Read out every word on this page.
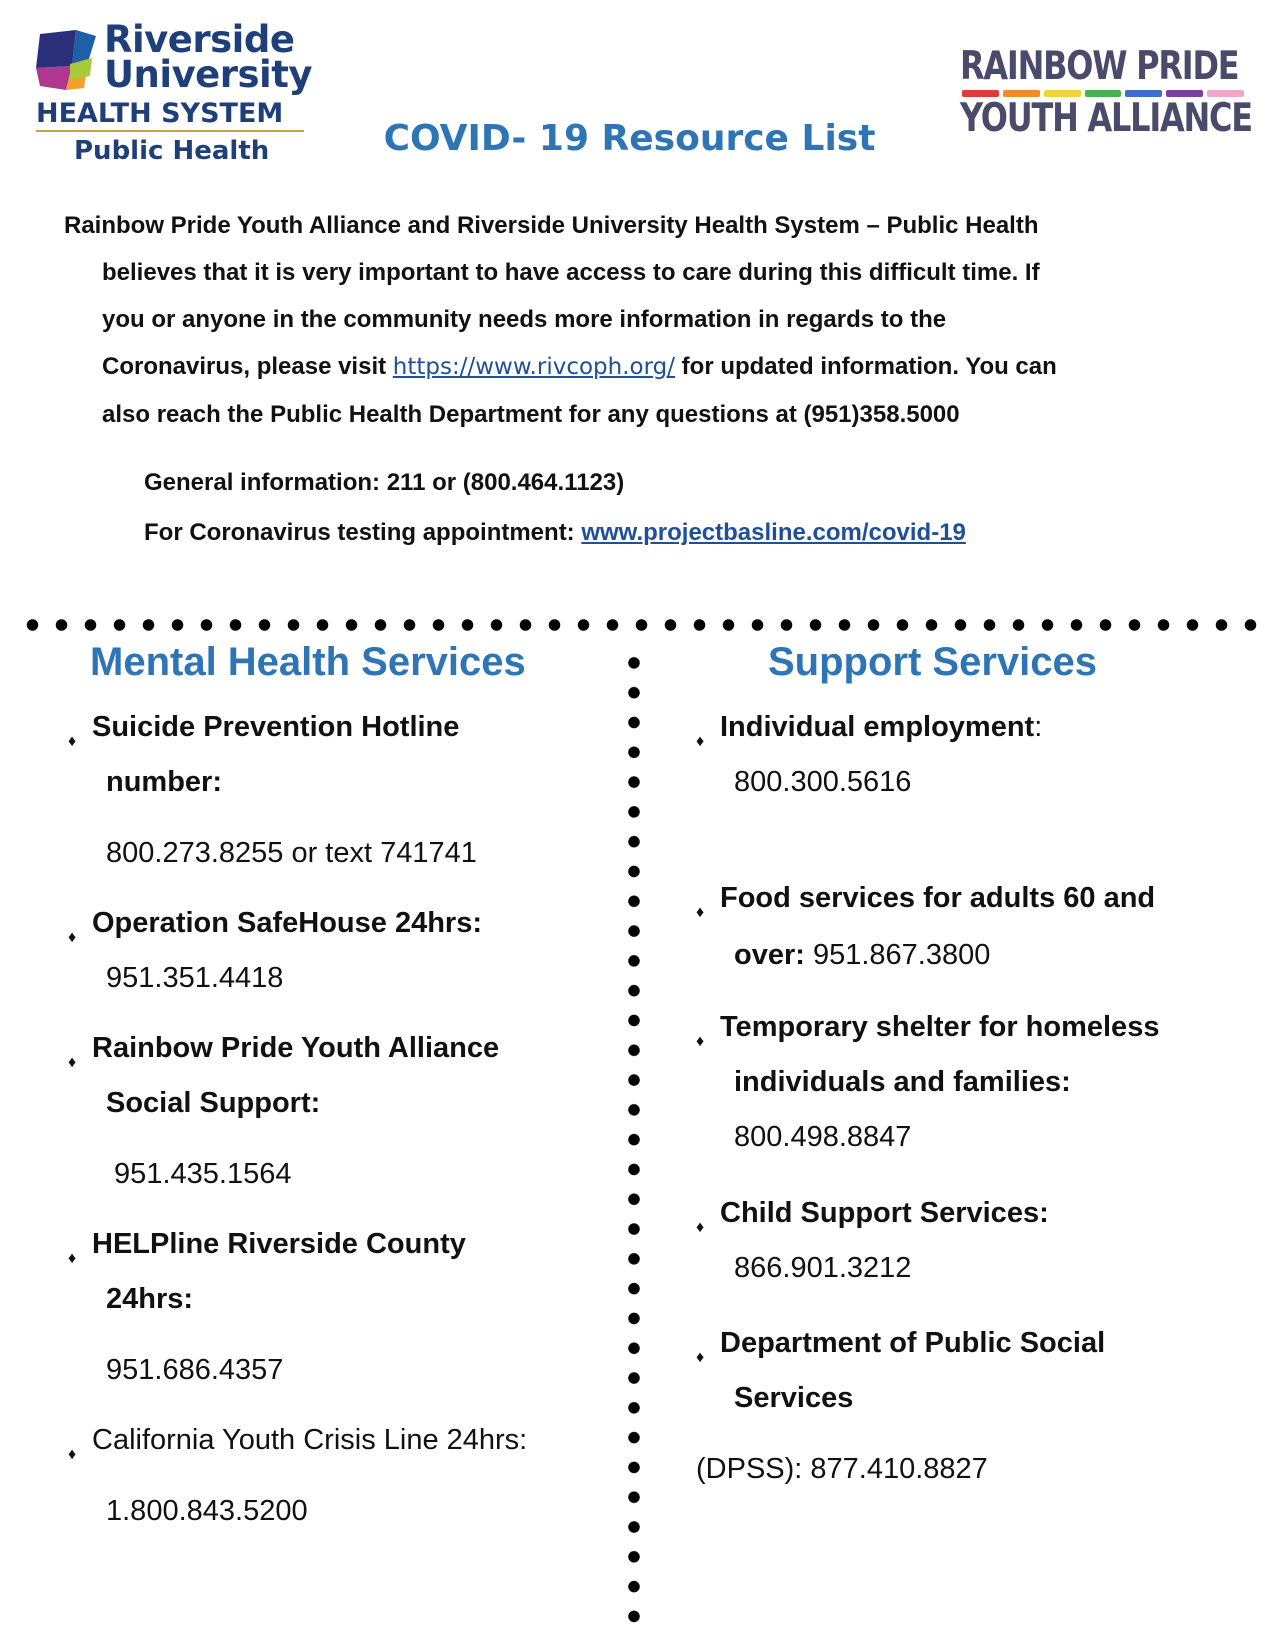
Riverside
University
HEALTH SYSTEM
Public Health
RAINBOW PRIDE
YOUTH ALLIANCE
COVID- 19 Resource List
Rainbow Pride Youth Alliance and Riverside University Health System – Public Health
believes that it is very important to have access to care during this difficult time. If
you or anyone in the community needs more information in regards to the
Coronavirus, please visit https://www.rivcoph.org/ for updated information. You can
also reach the Public Health Department for any questions at (951)358.5000
General information: 211 or (800.464.1123)
For Coronavirus testing appointment: www.projectbasline.com/covid-19
Mental Health Services
♦ Suicide Prevention Hotline
number:
800.273.8255 or text 741741
♦ Operation SafeHouse 24hrs:
951.351.4418
♦ Rainbow Pride Youth Alliance
Social Support:
951.435.1564
♦ HELPline Riverside County
24hrs:
951.686.4357
♦ California Youth Crisis Line 24hrs:
1.800.843.5200
Support Services
♦ Individual employment:
800.300.5616
♦ Food services for adults 60 and
over: 951.867.3800
♦ Temporary shelter for homeless
individuals and families:
800.498.8847
♦ Child Support Services:
866.901.3212
♦ Department of Public Social
Services
(DPSS): 877.410.8827
